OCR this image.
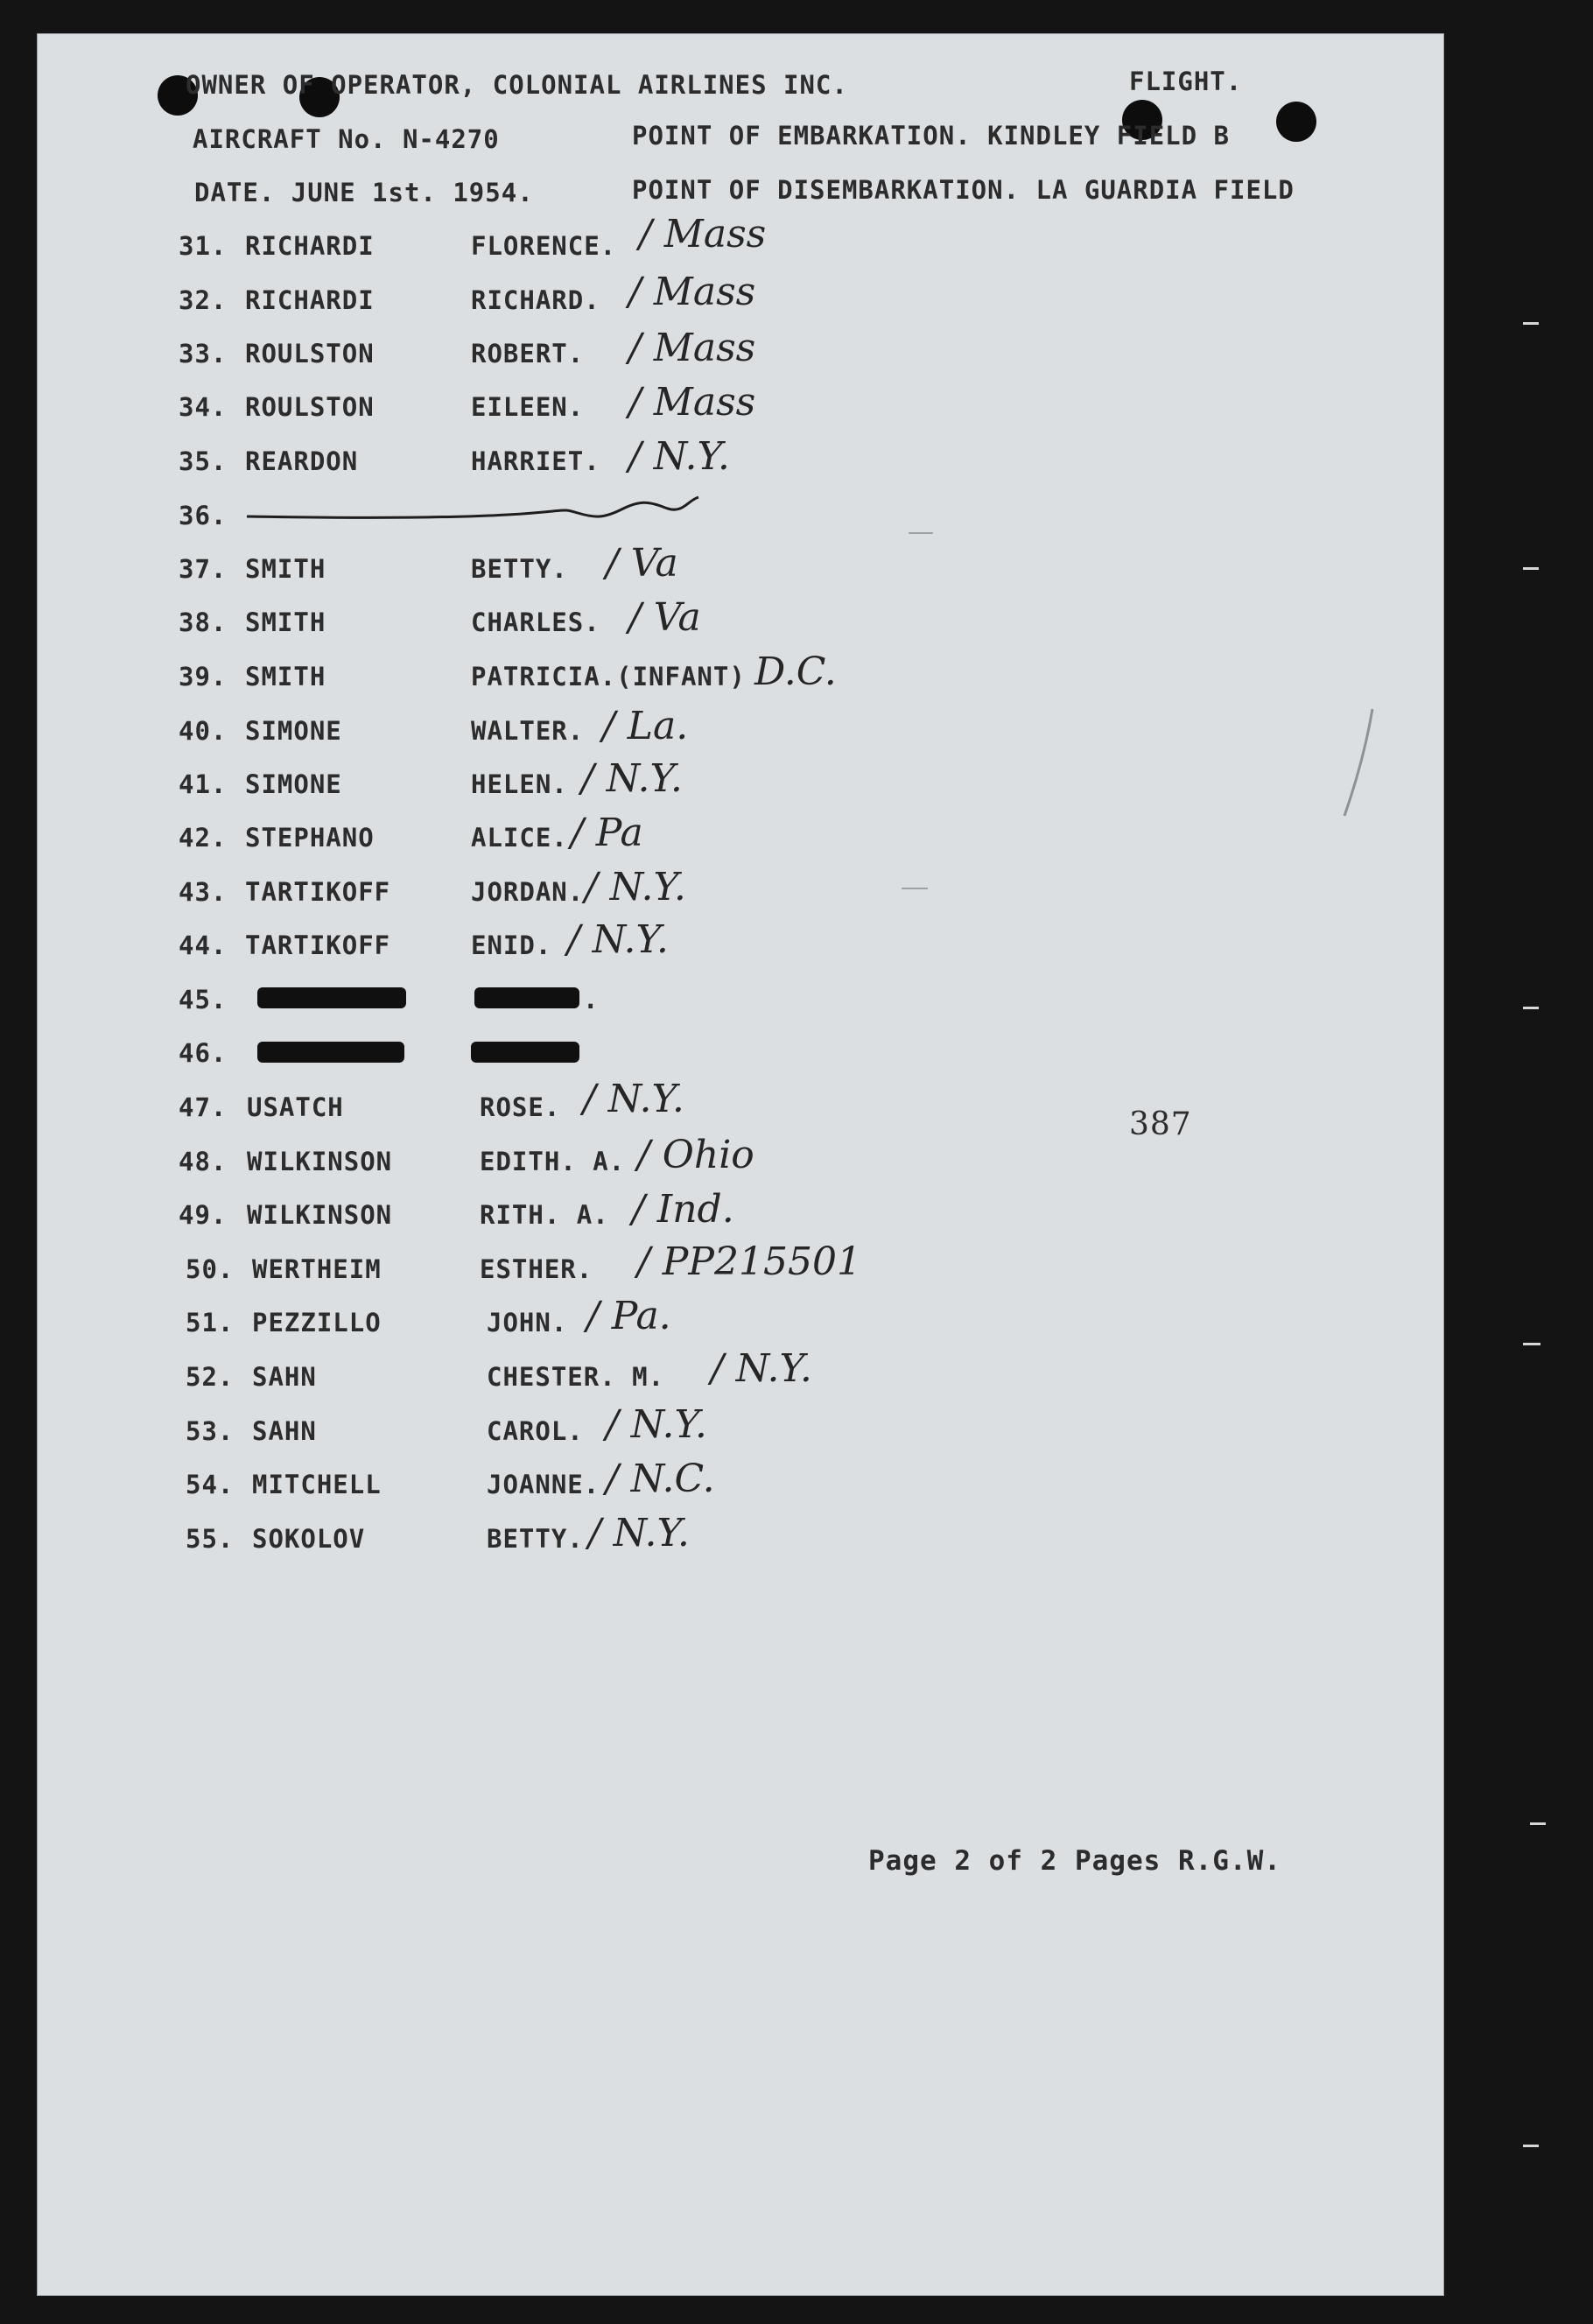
OWNER OF OPERATOR, COLONIAL AIRLINES INC.	FLIGHT.
AIRCRAFT No. N-4270	POINT OF EMBARKATION. KINDLEY FIELD B
DATE. JUNE 1st. 1954.	POINT OF DISEMBARKATION. LA GUARDIA FIELD
31. RICHARDI	FLORENCE. / Mass
32. RICHARDI	RICHARD. / Mass
33. ROULSTON	ROBERT. / Mass
34. ROULSTON	EILEEN. / Mass
35. REARDON	HARRIET. / N.Y.
36.
37. SMITH	BETTY. / Va
38. SMITH	CHARLES. / Va
39. SMITH	PATRICIA.(INFANT) D.C.
40. SIMONE	WALTER. / La.
41. SIMONE	HELEN. / N.Y.
42. STEPHANO	ALICE. / Pa
43. TARTIKOFF	JORDAN. / N.Y.
44. TARTIKOFF	ENID. / N.Y.
45.	.
46.
47. USATCH	ROSE. / N.Y.
48. WILKINSON	EDITH. A. / Ohio
49. WILKINSON	RITH. A. / Ind.
50. WERTHEIM	ESTHER. / PP215501
51. PEZZILLO	JOHN. / Pa.
52. SAHN	CHESTER. M. / N.Y.
53. SAHN	CAROL. / N.Y.
54. MITCHELL	JOANNE. / N.C.
55. SOKOLOV	BETTY. / N.Y.
387
Page 2 of 2 Pages R.G.W.
